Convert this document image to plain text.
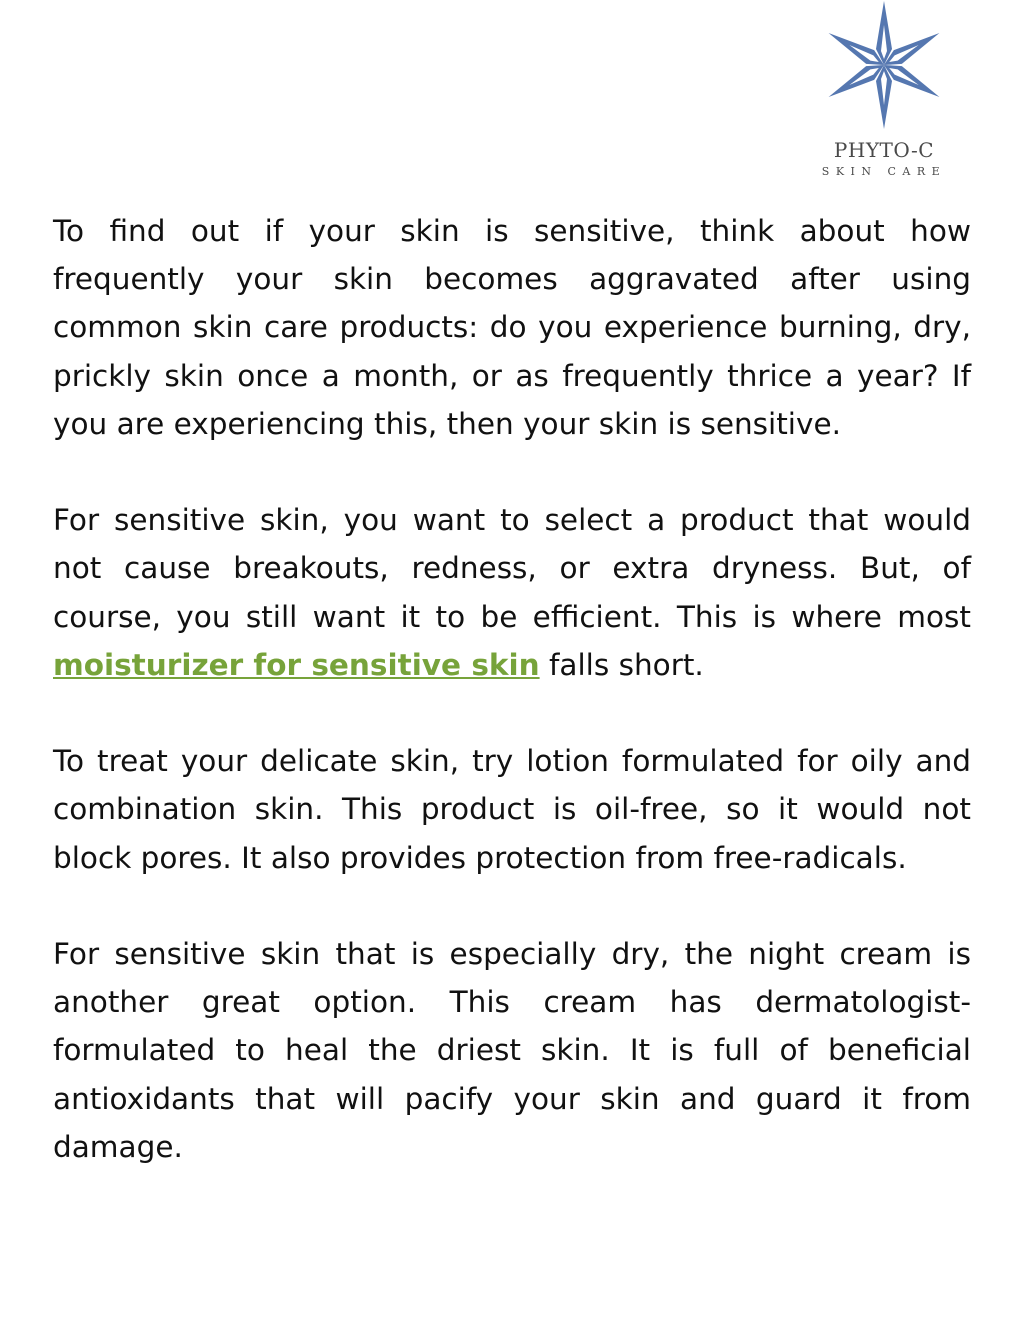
PHYTO-C
SKIN CARE

To find out if your skin is sensitive, think about how frequently your skin becomes aggravated after using common skin care products: do you experience burning, dry, prickly skin once a month, or as frequently thrice a year? If you are experiencing this, then your skin is sensitive.

For sensitive skin, you want to select a product that would not cause breakouts, redness, or extra dryness. But, of course, you still want it to be efficient. This is where most moisturizer for sensitive skin falls short.

To treat your delicate skin, try lotion formulated for oily and combination skin. This product is oil-free, so it would not block pores. It also provides protection from free-radicals.

For sensitive skin that is especially dry, the night cream is another great option. This cream has dermatologist-formulated to heal the driest skin. It is full of beneficial antioxidants that will pacify your skin and guard it from damage.
